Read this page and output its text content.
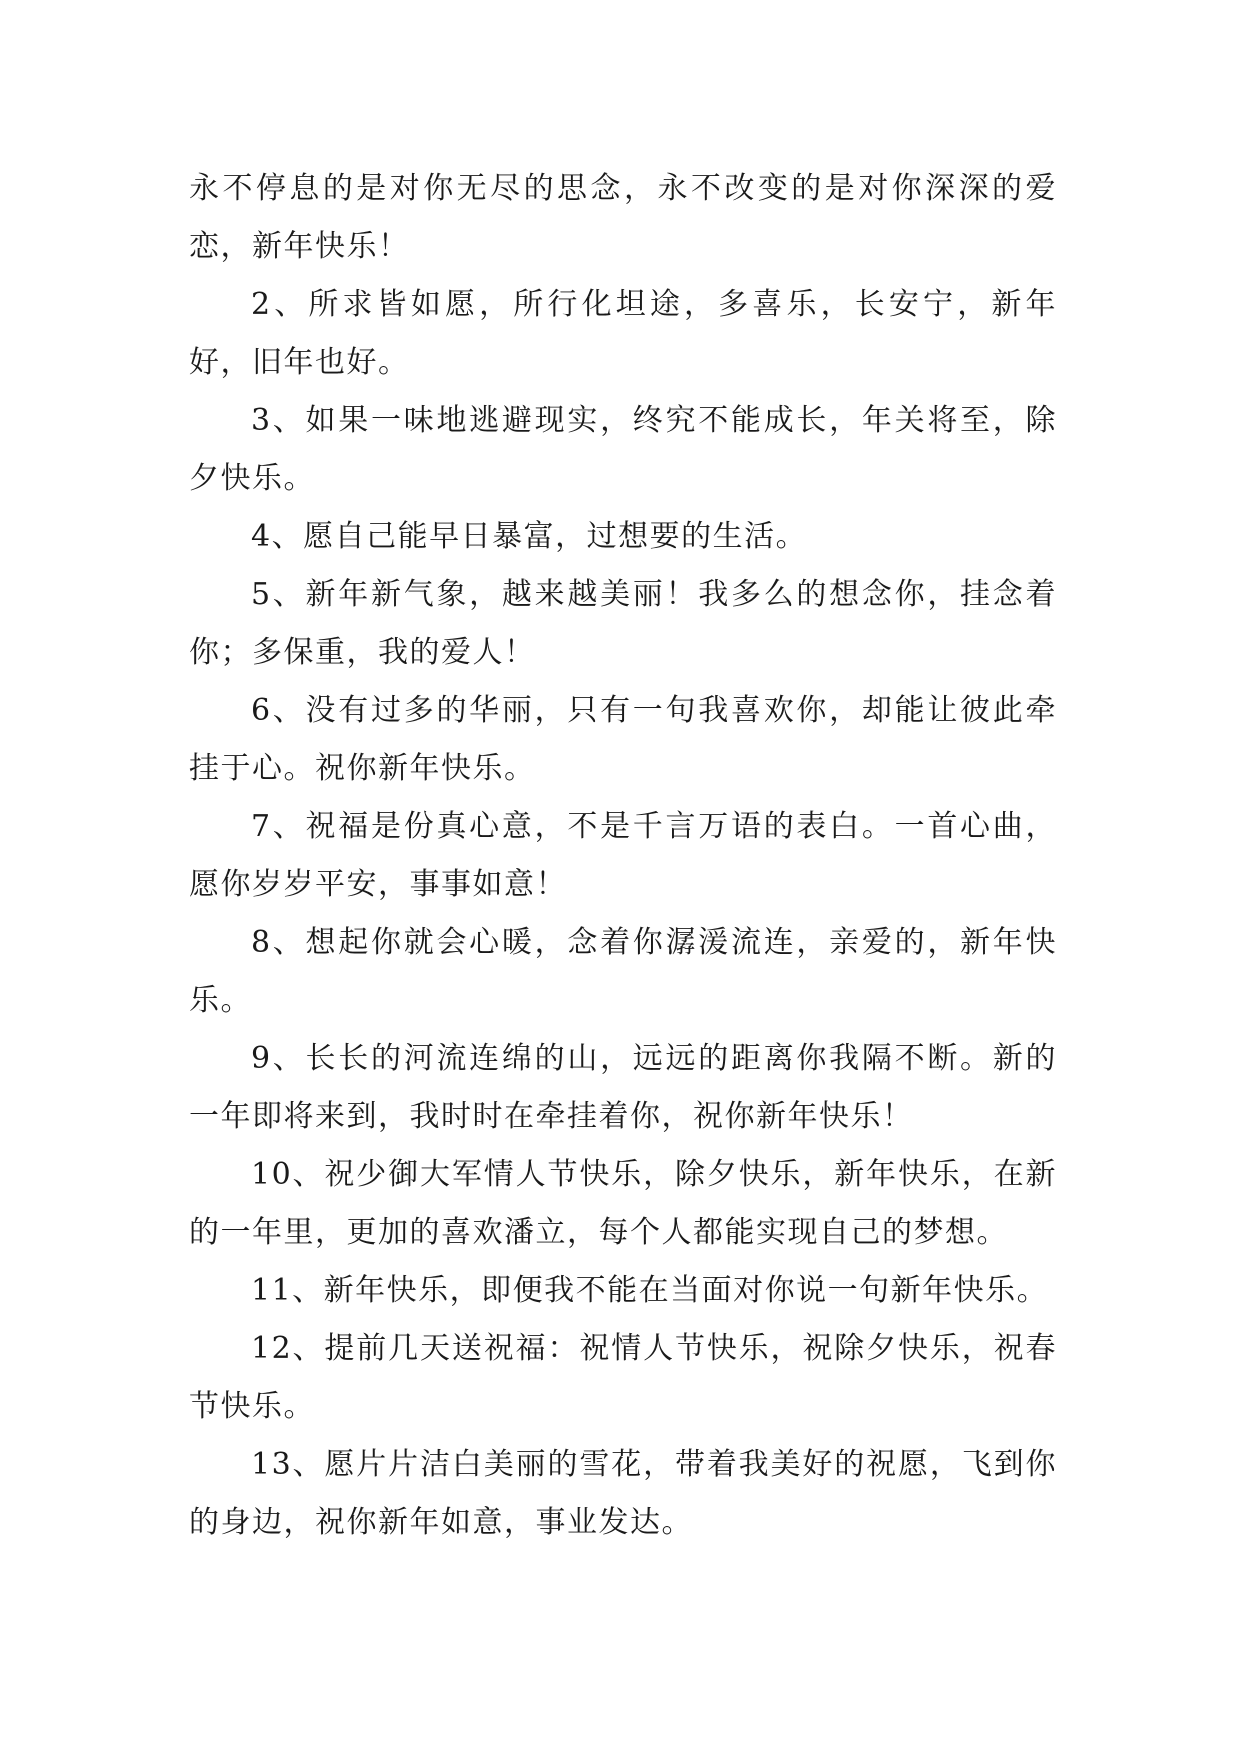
永不停息的是对你无尽的思念，永不改变的是对你深深的爱恋，新年快乐！

2、所求皆如愿，所行化坦途，多喜乐，长安宁，新年好，旧年也好。

3、如果一味地逃避现实，终究不能成长，年关将至，除夕快乐。

4、愿自己能早日暴富，过想要的生活。

5、新年新气象，越来越美丽！我多么的想念你，挂念着你；多保重，我的爱人！

6、没有过多的华丽，只有一句我喜欢你，却能让彼此牵挂于心。祝你新年快乐。

7、祝福是份真心意，不是千言万语的表白。一首心曲，愿你岁岁平安，事事如意！

8、想起你就会心暖，念着你潺湲流连，亲爱的，新年快乐。

9、长长的河流连绵的山，远远的距离你我隔不断。新的一年即将来到，我时时在牵挂着你，祝你新年快乐！

10、祝少御大军情人节快乐，除夕快乐，新年快乐，在新的一年里，更加的喜欢潘立，每个人都能实现自己的梦想。

11、新年快乐，即便我不能在当面对你说一句新年快乐。

12、提前几天送祝福：祝情人节快乐，祝除夕快乐，祝春节快乐。

13、愿片片洁白美丽的雪花，带着我美好的祝愿，飞到你的身边，祝你新年如意，事业发达。
